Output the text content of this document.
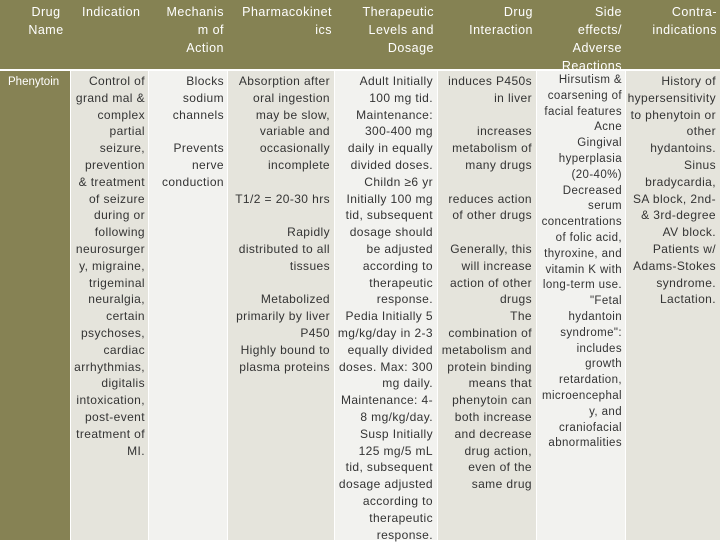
Drug
Name
Indication	Mechanis
m of
Action
Pharmacokinet
ics
Therapeutic
Levels and
Dosage
Drug
Interaction
Side
effects/
Adverse
Reactions
Contra-
indications
Phenytoin	Control of
grand mal &
complex
partial
seizure,
prevention
& treatment
of seizure
during or
following
neurosurger
y, migraine,
trigeminal
neuralgia,
certain
psychoses,
cardiac
arrhythmias,
digitalis
intoxication,
post-event
treatment of
MI.
Blocks
sodium
channels

Prevents
nerve
conduction
Absorption after
oral ingestion
may be slow,
variable and
occasionally
incomplete

T1/2 = 20-30 hrs

Rapidly
distributed to all
tissues

Metabolized
primarily by liver
P450
Highly bound to
plasma proteins
Adult Initially
100 mg tid.
Maintenance:
300-400 mg
daily in equally
divided doses.
Childn ≥6 yr
Initially 100 mg
tid, subsequent
dosage should
be adjusted
according to
therapeutic
response.
Pedia Initially 5
mg/kg/day in 2-3
equally divided
doses. Max: 300
mg daily.
Maintenance: 4-
8 mg/kg/day.
Susp Initially
125 mg/5 mL
tid, subsequent
dosage adjusted
according to
therapeutic
response.
induces P450s
in liver

increases
metabolism of
many drugs

reduces action
of other drugs

Generally, this
will increase
action of other
drugs
The
combination of
metabolism and
protein binding
means that
phenytoin can
both increase
and decrease
drug action,
even of the
same drug
Hirsutism &
coarsening of
facial features
Acne
Gingival
hyperplasia
(20-40%)
Decreased
serum
concentrations
of folic acid,
thyroxine, and
vitamin K with
long-term use.
"Fetal
hydantoin
syndrome":
includes
growth
retardation,
microencephal
y, and
craniofacial
abnormalities
History of
hypersensitivity
to phenytoin or
other
hydantoins.
Sinus
bradycardia,
SA block, 2nd-
& 3rd-degree
AV block.
Patients w/
Adams-Stokes
syndrome.
Lactation.
